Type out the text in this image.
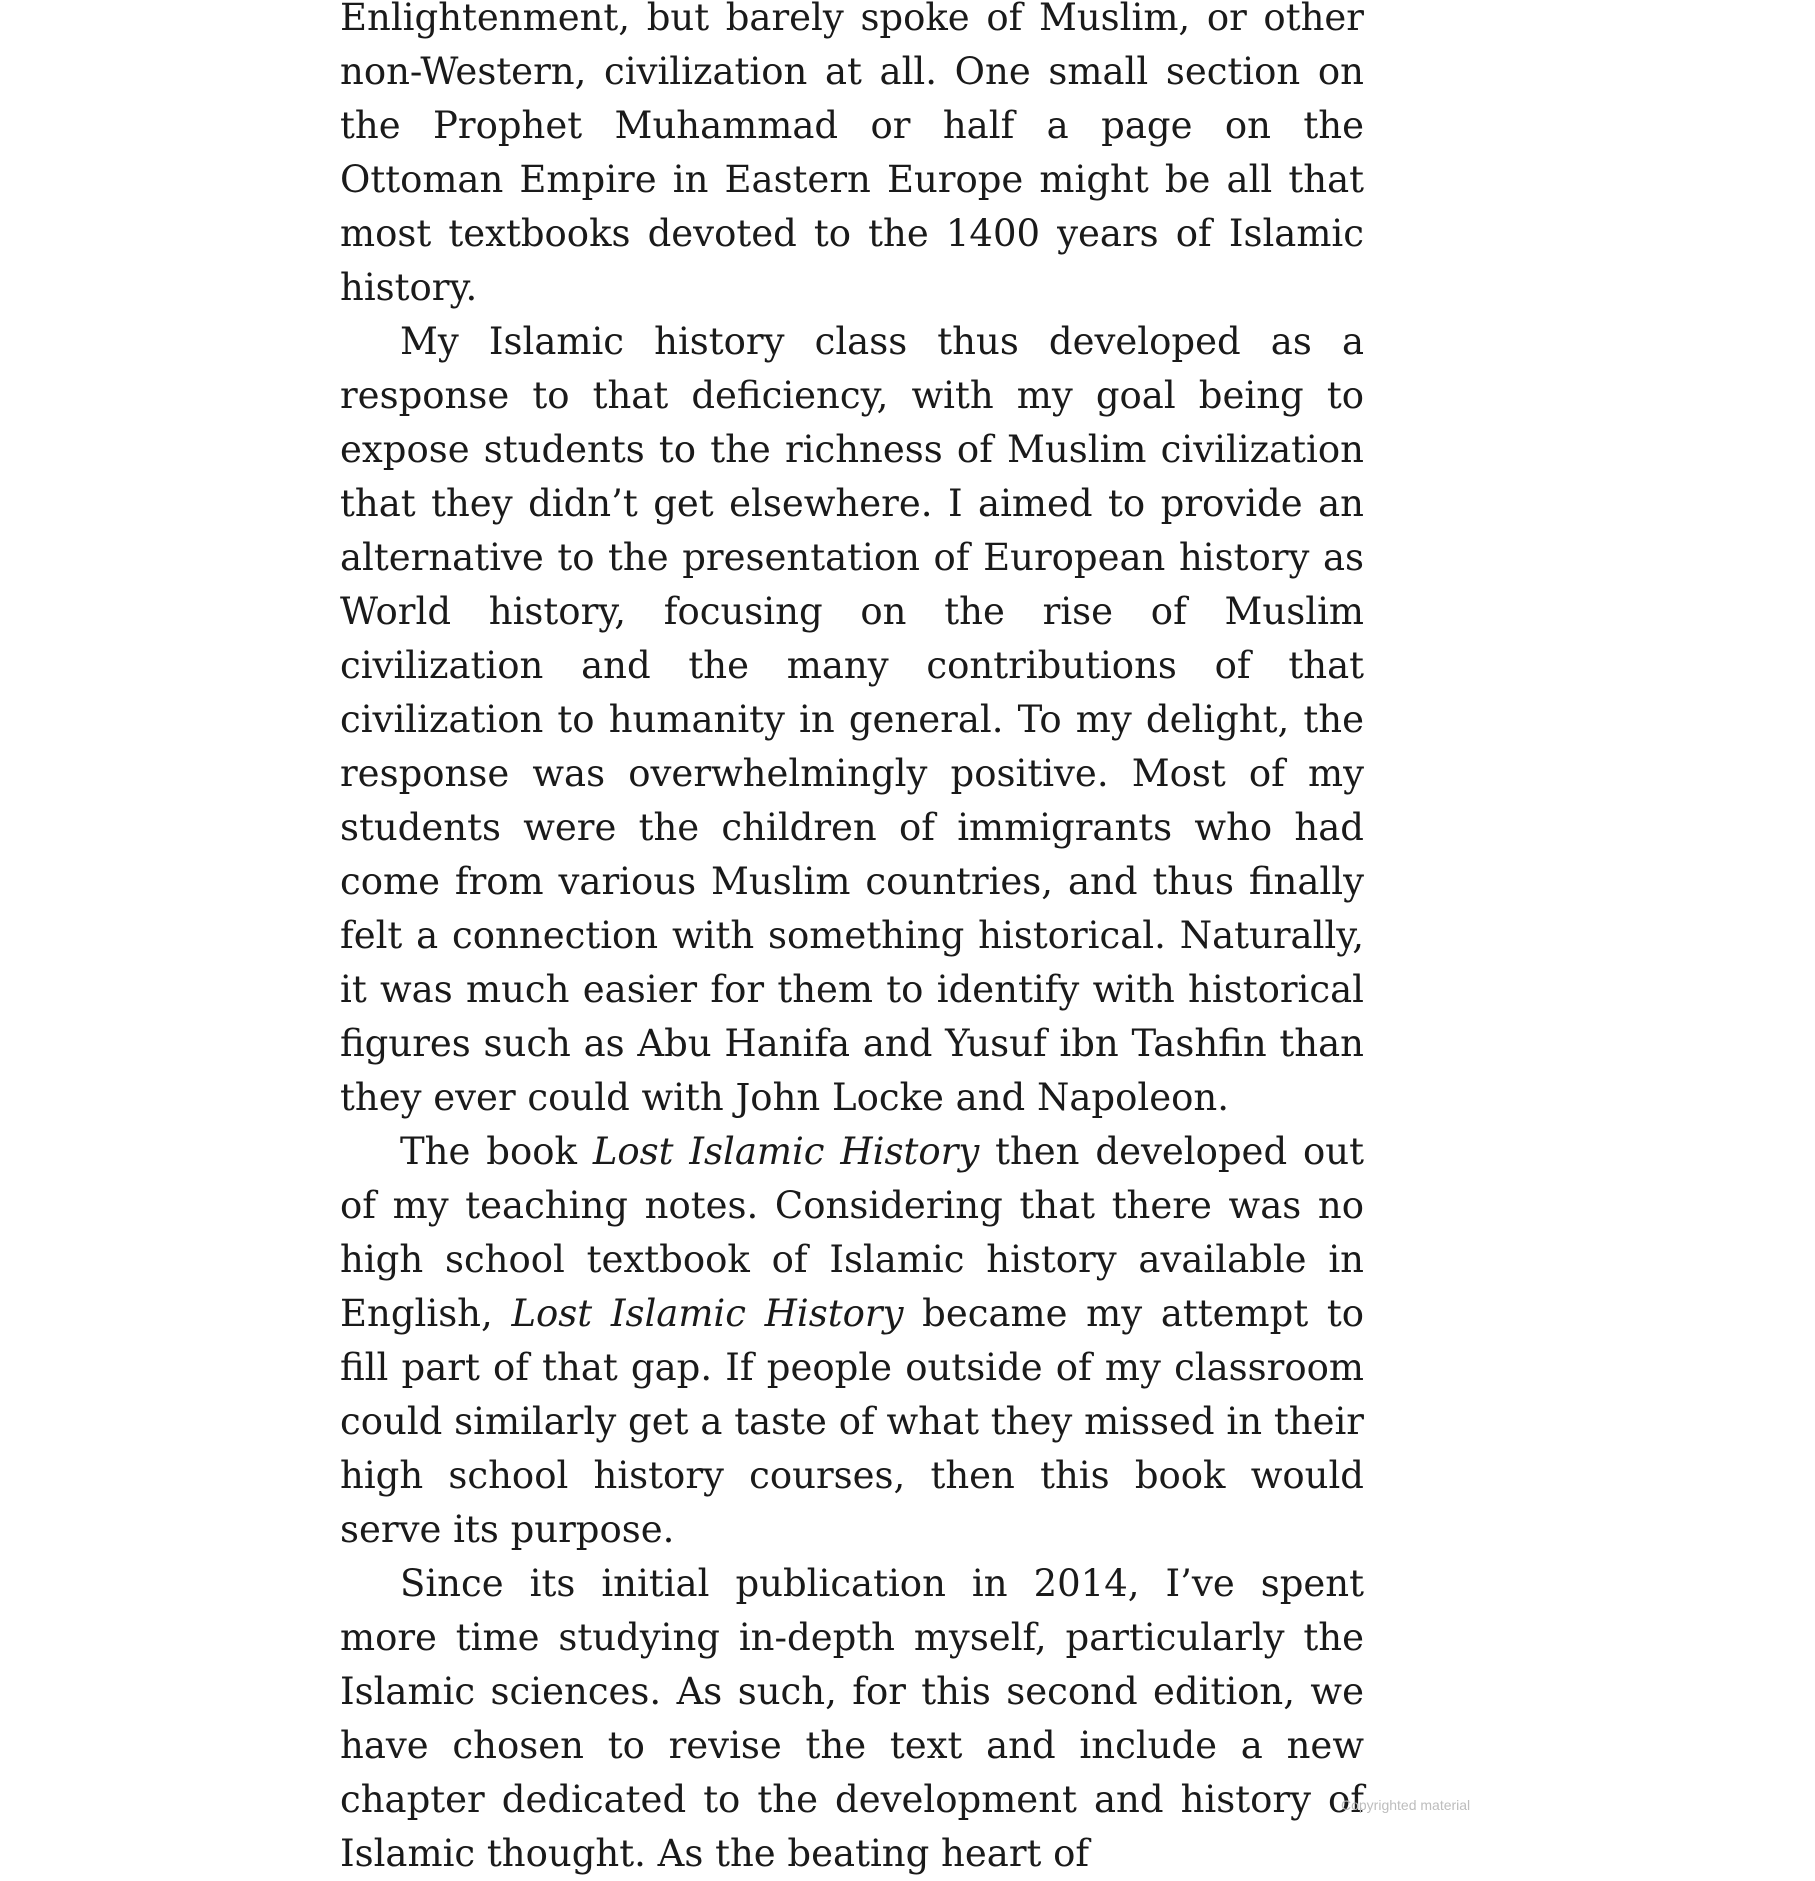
Enlightenment, but barely spoke of Muslim, or other non-Western, civilization at all. One small section on the Prophet Muhammad or half a page on the Ottoman Empire in Eastern Europe might be all that most textbooks devoted to the 1400 years of Islamic history.

My Islamic history class thus developed as a response to that deficiency, with my goal being to expose students to the richness of Muslim civilization that they didn’t get elsewhere. I aimed to provide an alternative to the presentation of European history as World history, focusing on the rise of Muslim civilization and the many contributions of that civilization to humanity in general. To my delight, the response was overwhelmingly positive. Most of my students were the children of immigrants who had come from various Muslim countries, and thus finally felt a connection with something historical. Naturally, it was much easier for them to identify with historical figures such as Abu Hanifa and Yusuf ibn Tashfin than they ever could with John Locke and Napoleon.

The book Lost Islamic History then developed out of my teaching notes. Considering that there was no high school textbook of Islamic history available in English, Lost Islamic History became my attempt to fill part of that gap. If people outside of my classroom could similarly get a taste of what they missed in their high school history courses, then this book would serve its purpose.

Since its initial publication in 2014, I’ve spent more time studying in-depth myself, particularly the Islamic sciences. As such, for this second edition, we have chosen to revise the text and include a new chapter dedicated to the development and history of Islamic thought. As the beating heart of

Copyrighted material
